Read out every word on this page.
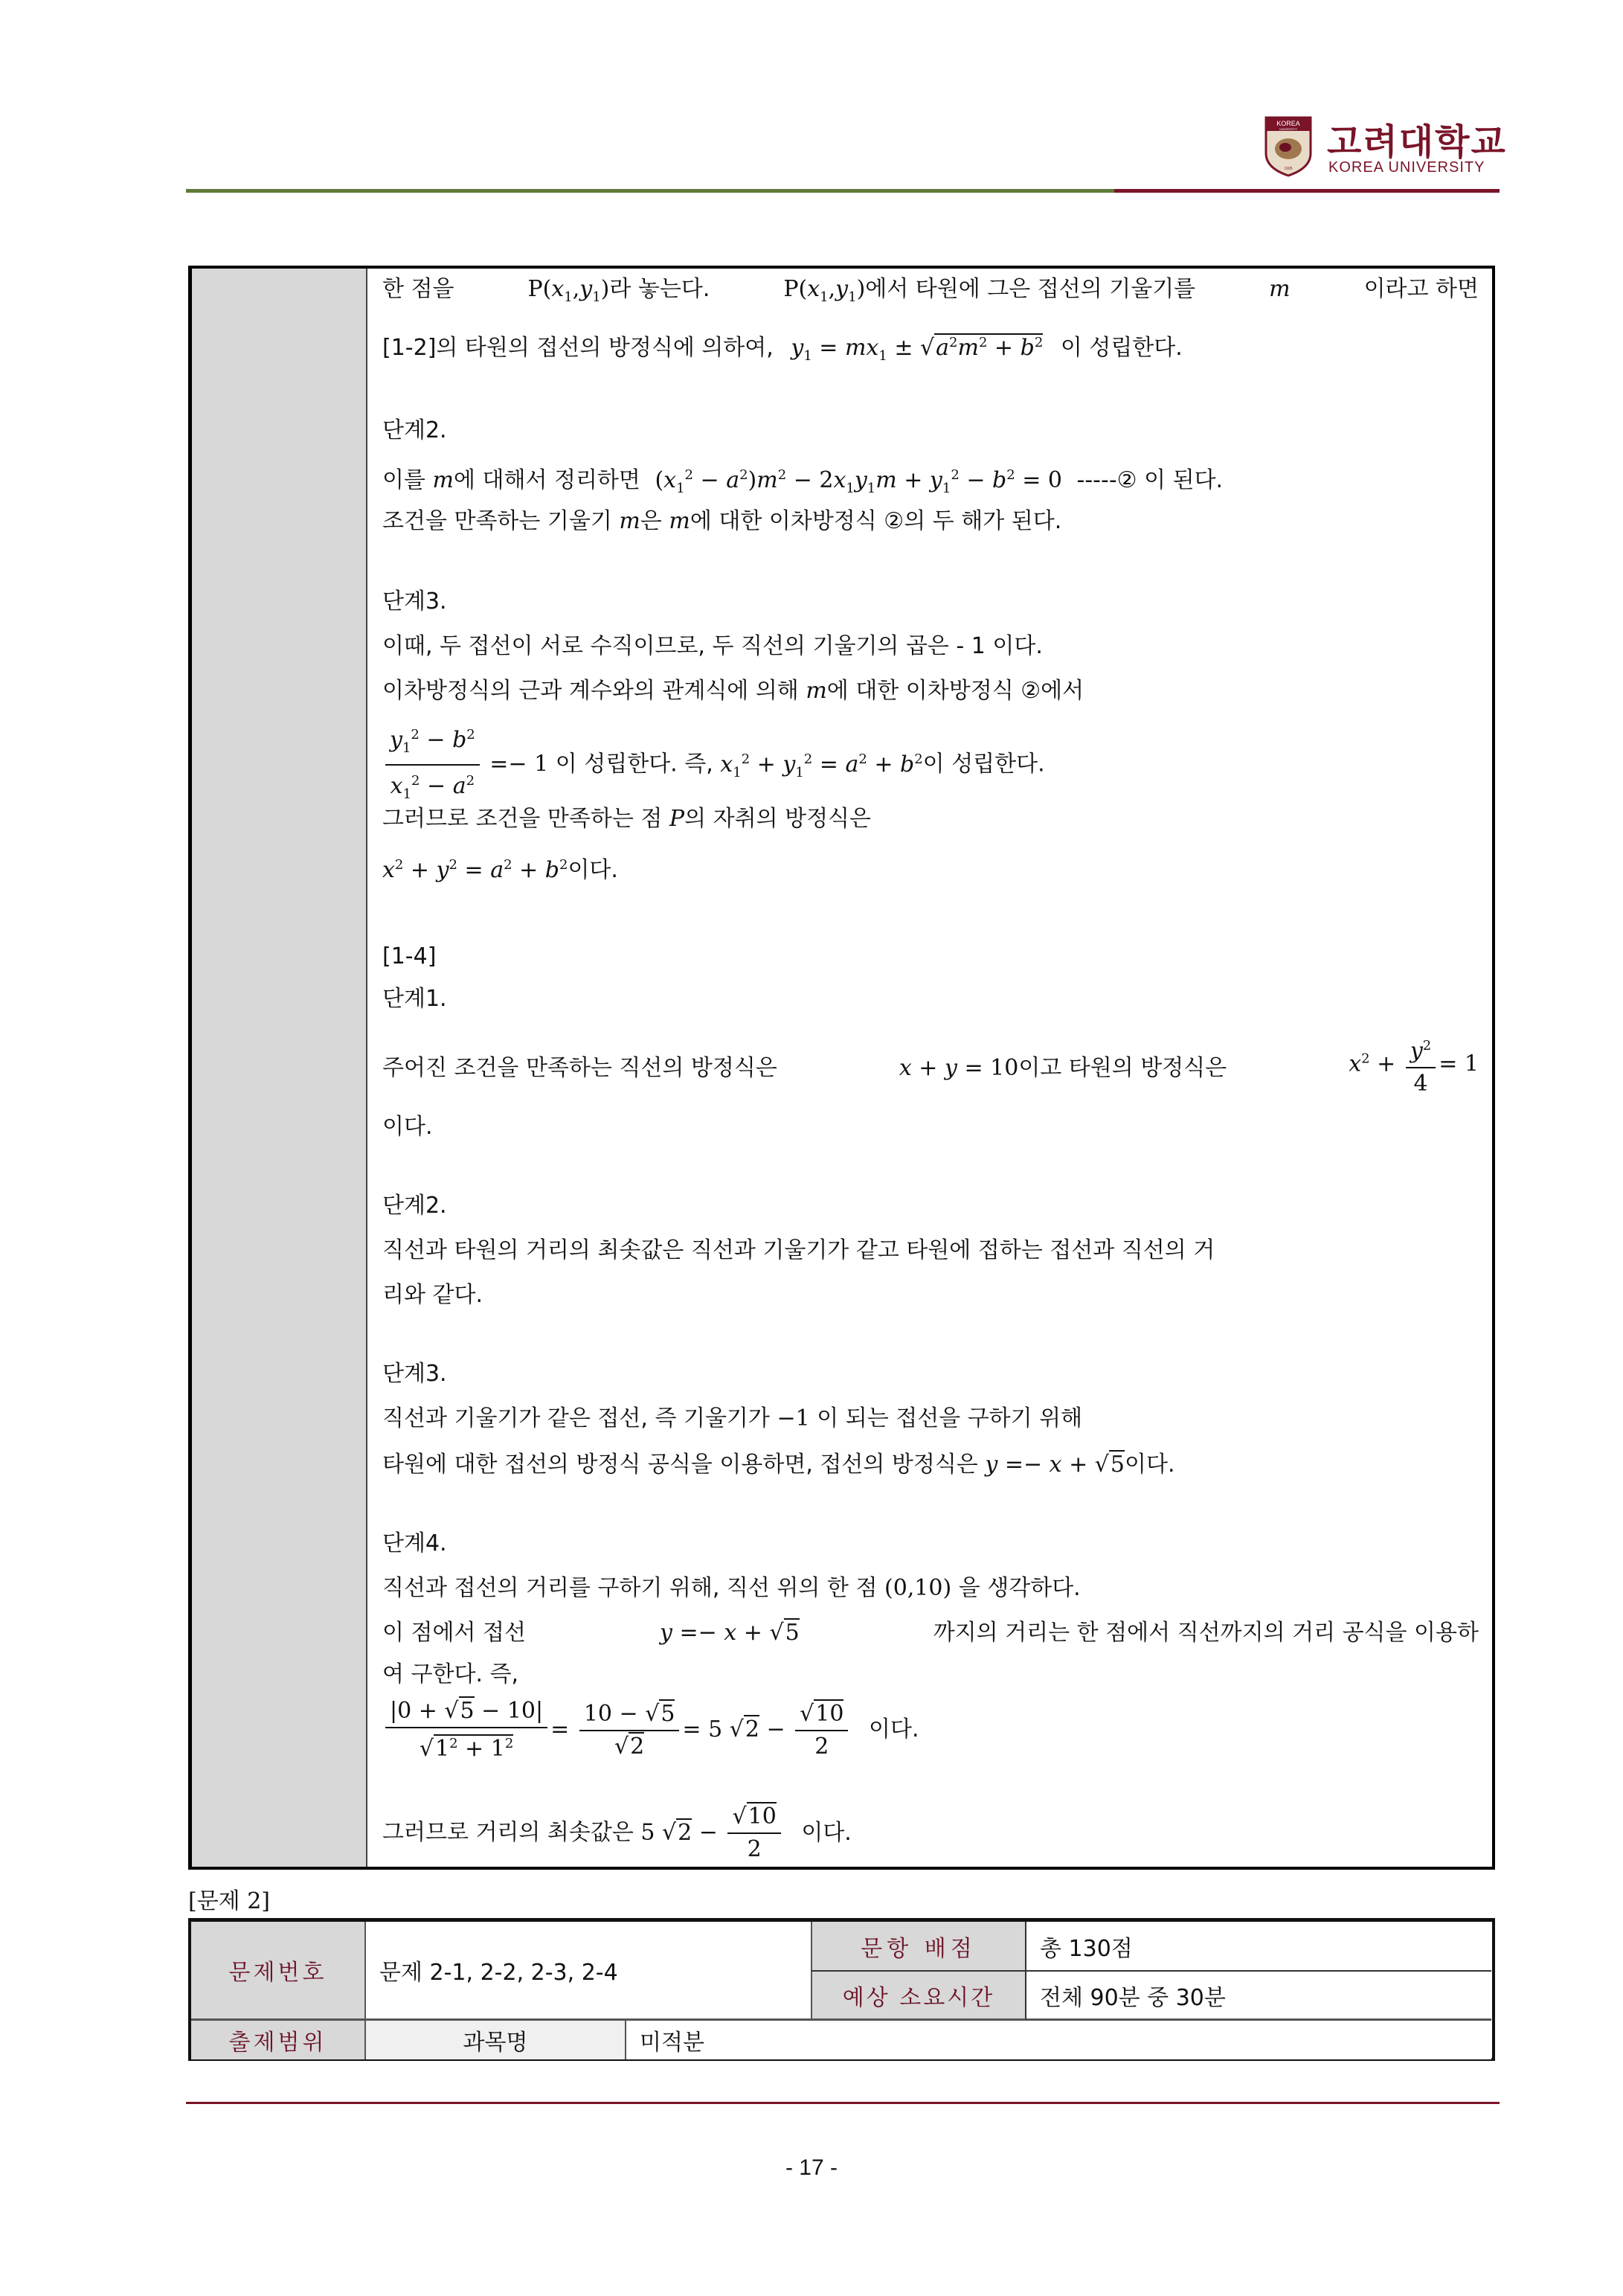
KOREA
UNIVERSITY
1905
고려대학교
KOREA UNIVERSITY
한 점을	$P(x_1,y_1)$라 놓는다.	$P(x_1,y_1)$에서 타원에 그은 접선의 기울기를	m	이라고 하면
[1-2]의 타원의 접선의 방정식에 의하여, $y_1 = mx_1 \pm √a^2m^2 + b^2$ 이 성립한다.
단계2.
이를 m에 대해서 정리하면 $(x_1^2 - a^2)m^2 - 2x_1y_1m + y_1^2 - b^2 = 0$ -----② 이 된다.
조건을 만족하는 기울기 m은 m에 대한 이차방정식 ②의 두 해가 된다.
단계3.
이때, 두 접선이 서로 수직이므로, 두 직선의 기울기의 곱은 - 1 이다.
이차방정식의 근과 계수와의 관계식에 의해 m에 대한 이차방정식 ②에서
$\frac{y_1^2 - b^2}{x_1^2 - a^2} =- 1$ 이 성립한다. 즉, $x_1^2 + y_1^2 = a^2 + b^2$이 성립한다.
그러므로 조건을 만족하는 점 P의 자취의 방정식은
$x^2 + y^2 = a^2 + b^2$이다.
[1-4]
단계1.
주어진 조건을 만족하는 직선의 방정식은	x + y = 10이고 타원의 방정식은	$x^2 + \frac{y^2}{4} = 1$
이다.
단계2.
직선과 타원의 거리의 최솟값은 직선과 기울기가 같고 타원에 접하는 접선과 직선의 거
리와 같다.
단계3.
직선과 기울기가 같은 접선, 즉 기울기가 −1 이 되는 접선을 구하기 위해
타원에 대한 접선의 방정식 공식을 이용하면, 접선의 방정식은 y =− x + √5이다.
단계4.
직선과 접선의 거리를 구하기 위해, 직선 위의 한 점 (0,10) 을 생각하다.
이 점에서 접선	y =− x + √5	까지의 거리는 한 점에서 직선까지의 거리 공식을 이용하
여 구한다. 즉,
$\frac{|0 + √5 - 10|}{√1^2 + 1^2} = \frac{10 - √5}{√2} = 5$ $√2 - \frac{√10}{2}$ 이다.
그러므로 거리의 최솟값은 5 $√2 - \frac{√10}{2}$ 이다.
[문제 2]
문제번호	문제 2-1, 2-2, 2-3, 2-4
문항 배점	총 130점
예상 소요시간	전체 90분 중 30분
출제범위	과목명	미적분
- 17 -
